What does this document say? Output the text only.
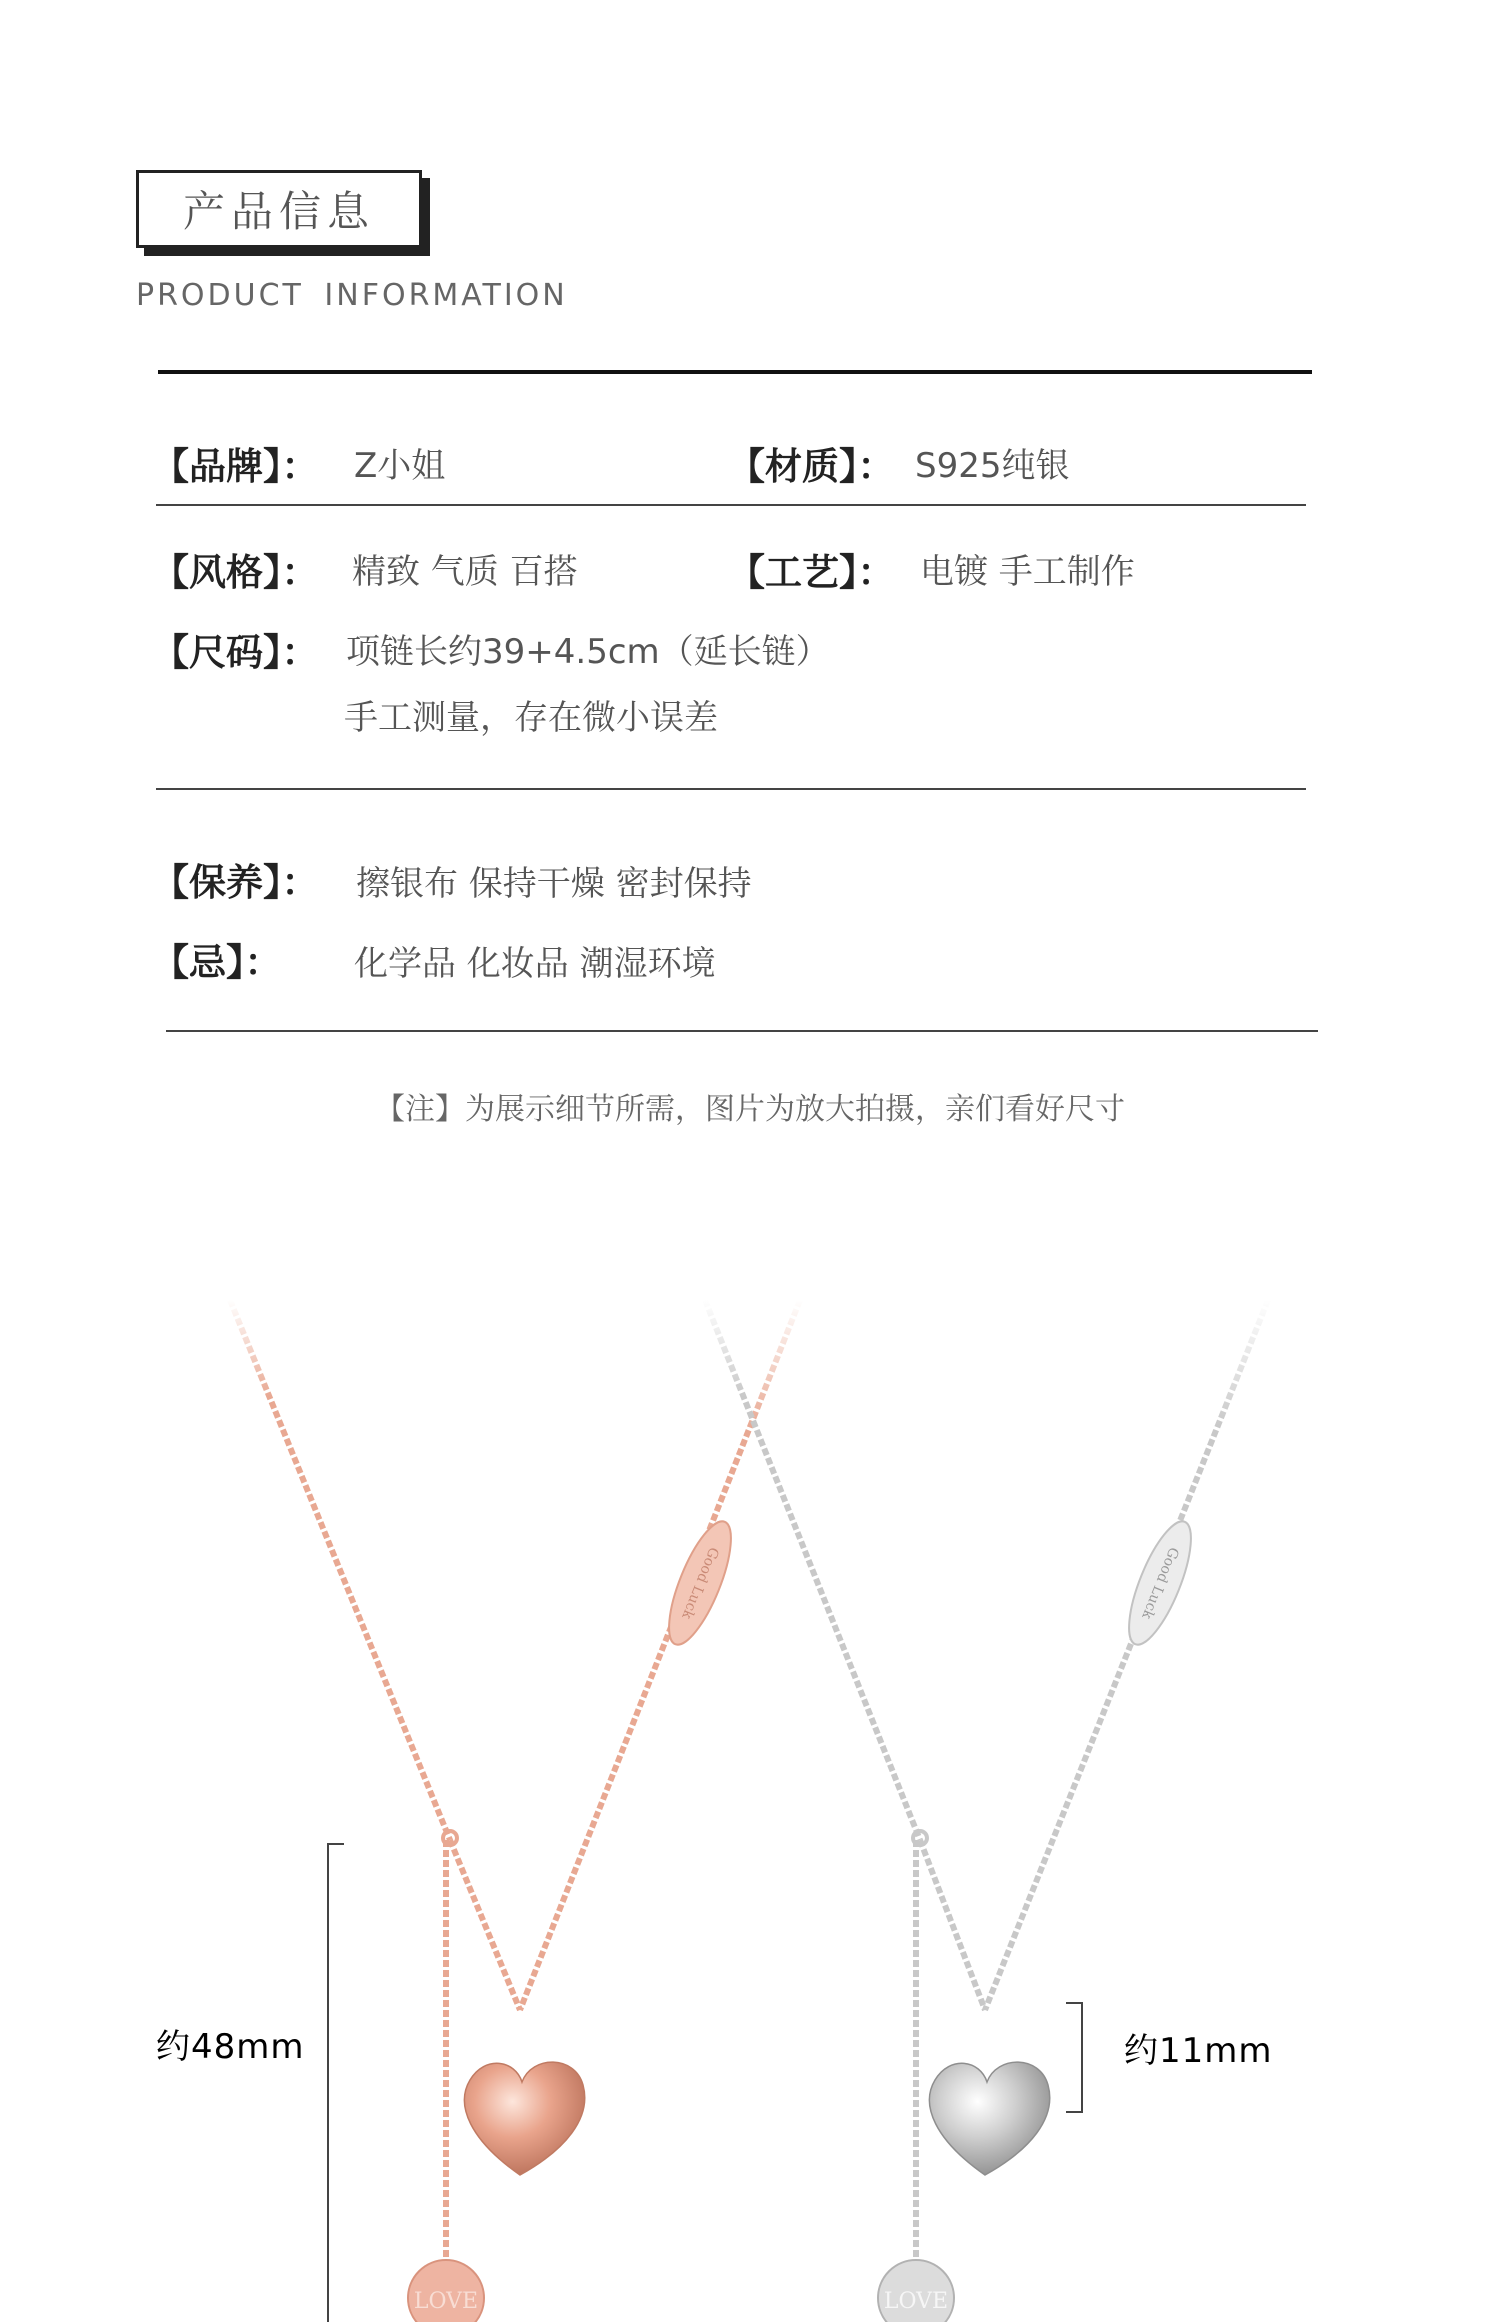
产品信息
PRODUCT INFORMATION
【品牌】： Z小姐	【材质】： S925纯银
【风格】： 精致 气质 百搭	【工艺】： 电镀 手工制作
【尺码】： 项链长约39+4.5cm（延长链）
手工测量，存在微小误差
【保养】： 擦银布 保持干燥 密封保持
【忌】： 化学品 化妆品 潮湿环境
【注】为展示细节所需，图片为放大拍摄，亲们看好尺寸
Good Luck
LOVE
Good Luck
LOVE
约48mm	约11mm
